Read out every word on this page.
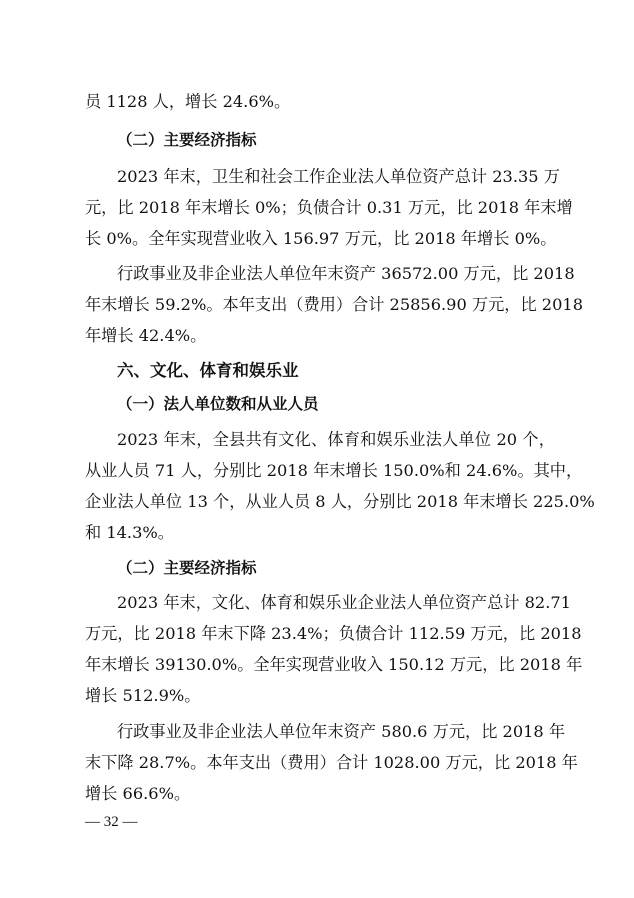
员 1128 人，增长 24.6%。
（二）主要经济指标
2023 年末，卫生和社会工作企业法人单位资产总计 23.35 万
元，比 2018 年末增长 0%；负债合计 0.31 万元，比 2018 年末增
长 0%。全年实现营业收入 156.97 万元，比 2018 年增长 0%。
行政事业及非企业法人单位年末资产 36572.00 万元，比 2018
年末增长 59.2%。本年支出（费用）合计 25856.90 万元，比 2018
年增长 42.4%。
六、文化、体育和娱乐业
（一）法人单位数和从业人员
2023 年末，全县共有文化、体育和娱乐业法人单位 20 个，
从业人员 71 人，分别比 2018 年末增长 150.0%和 24.6%。其中，
企业法人单位 13 个，从业人员 8 人，分别比 2018 年末增长 225.0%
和 14.3%。
（二）主要经济指标
2023 年末，文化、体育和娱乐业企业法人单位资产总计 82.71
万元，比 2018 年末下降 23.4%；负债合计 112.59 万元，比 2018
年末增长 39130.0%。全年实现营业收入 150.12 万元，比 2018 年
增长 512.9%。
行政事业及非企业法人单位年末资产 580.6 万元，比 2018 年
末下降 28.7%。本年支出（费用）合计 1028.00 万元，比 2018 年
增长 66.6%。
— 32 —
